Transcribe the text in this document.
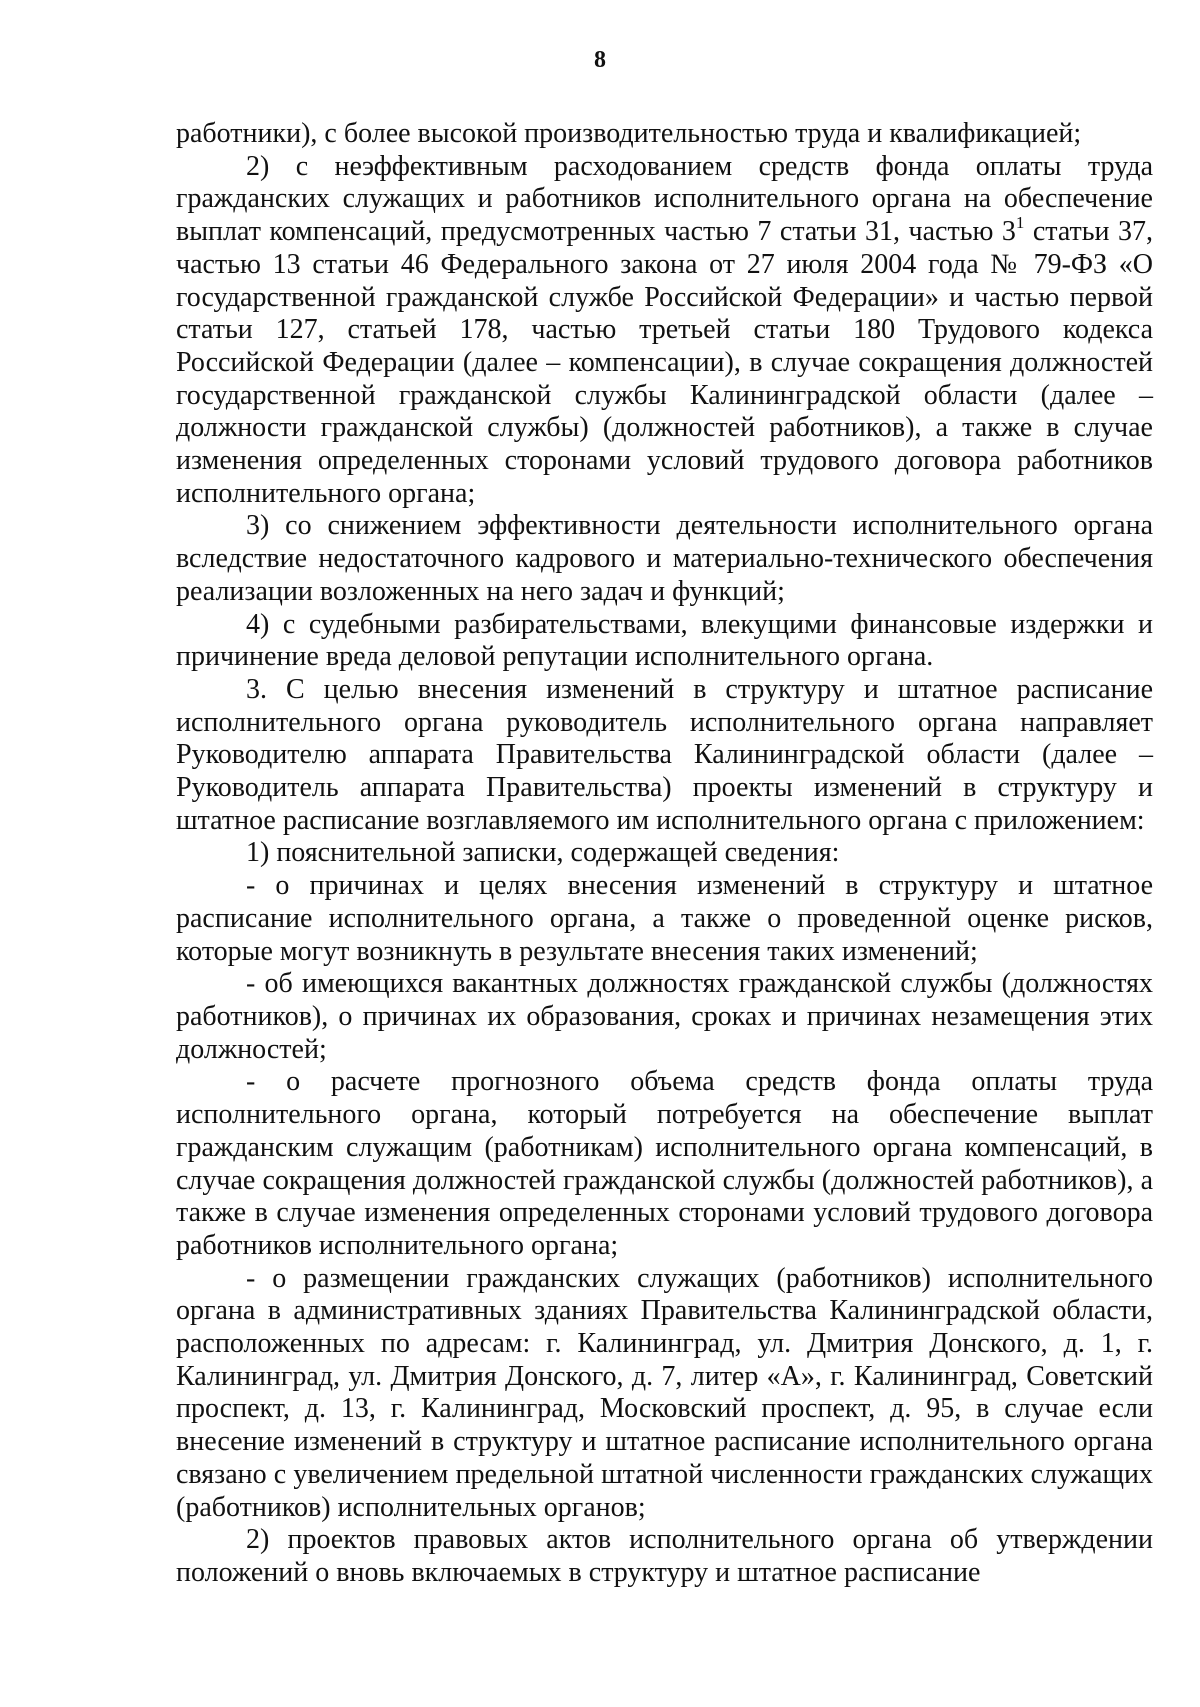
8

работники), с более высокой производительностью труда и квалификацией;

2) с неэффективным расходованием средств фонда оплаты труда гражданских служащих и работников исполнительного органа на обеспечение выплат компенсаций, предусмотренных частью 7 статьи 31, частью $3^1$ статьи 37, частью 13 статьи 46 Федерального закона от 27 июля 2004 года № 79-ФЗ «О государственной гражданской службе Российской Федерации» и частью первой статьи 127, статьей 178, частью третьей статьи 180 Трудового кодекса Российской Федерации (далее – компенсации), в случае сокращения должностей государственной гражданской службы Калининградской области (далее – должности гражданской службы) (должностей работников), а также в случае изменения определенных сторонами условий трудового договора работников исполнительного органа;

3) со снижением эффективности деятельности исполнительного органа вследствие недостаточного кадрового и материально-технического обеспечения реализации возложенных на него задач и функций;

4) с судебными разбирательствами, влекущими финансовые издержки и причинение вреда деловой репутации исполнительного органа.

3. С целью внесения изменений в структуру и штатное расписание исполнительного органа руководитель исполнительного органа направляет Руководителю аппарата Правительства Калининградской области (далее – Руководитель аппарата Правительства) проекты изменений в структуру и штатное расписание возглавляемого им исполнительного органа с приложением:

1) пояснительной записки, содержащей сведения:

- о причинах и целях внесения изменений в структуру и штатное расписание исполнительного органа, а также о проведенной оценке рисков, которые могут возникнуть в результате внесения таких изменений;

- об имеющихся вакантных должностях гражданской службы (должностях работников), о причинах их образования, сроках и причинах незамещения этих должностей;

- о расчете прогнозного объема средств фонда оплаты труда исполнительного органа, который потребуется на обеспечение выплат гражданским служащим (работникам) исполнительного органа компенсаций, в случае сокращения должностей гражданской службы (должностей работников), а также в случае изменения определенных сторонами условий трудового договора работников исполнительного органа;

- о размещении гражданских служащих (работников) исполнительного органа в административных зданиях Правительства Калининградской области, расположенных по адресам: г. Калининград, ул. Дмитрия Донского, д. 1, г. Калининград, ул. Дмитрия Донского, д. 7, литер «А», г. Калининград, Советский проспект, д. 13, г. Калининград, Московский проспект, д. 95, в случае если внесение изменений в структуру и штатное расписание исполнительного органа связано с увеличением предельной штатной численности гражданских служащих (работников) исполнительных органов;

2) проектов правовых актов исполнительного органа об утверждении положений о вновь включаемых в структуру и штатное расписание
